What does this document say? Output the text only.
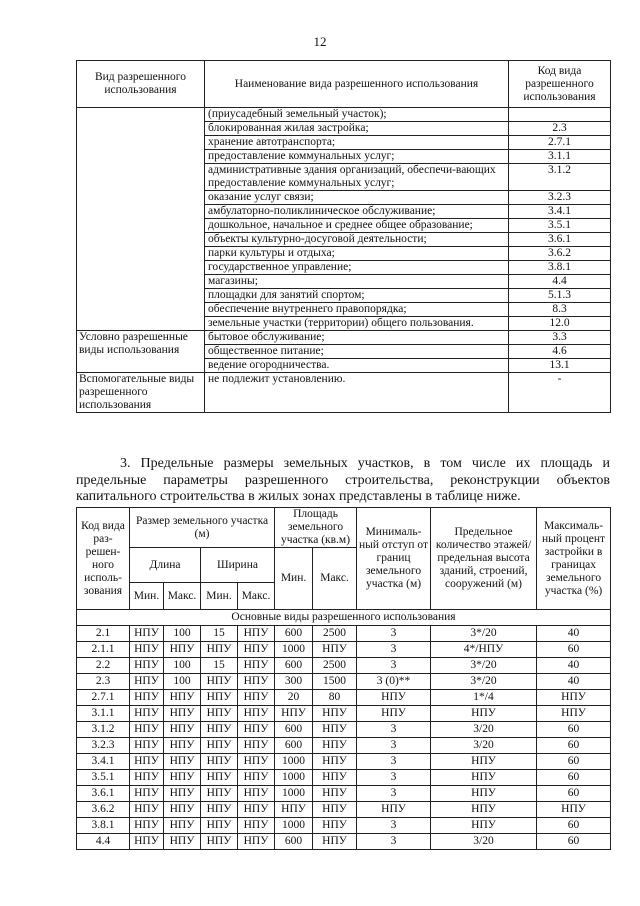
12
Вид разрешенного использования	Наименование вида разрешенного использования	Код вида разрешенного использования
	(приусадебный земельный участок);	
	блокированная жилая застройка;	2.3
	хранение автотранспорта;	2.7.1
	предоставление коммунальных услуг;	3.1.1
	административные здания организаций, обеспечи-вающих предоставление коммунальных услуг;	3.1.2
	оказание услуг связи;	3.2.3
	амбулаторно-поликлиническое обслуживание;	3.4.1
	дошкольное, начальное и среднее общее образование;	3.5.1
	объекты культурно-досуговой деятельности;	3.6.1
	парки культуры и отдыха;	3.6.2
	государственное управление;	3.8.1
	магазины;	4.4
	площадки для занятий спортом;	5.1.3
	обеспечение внутреннего правопорядка;	8.3
	земельные участки (территории) общего пользования.	12.0
Условно разрешенные виды использования	бытовое обслуживание;	3.3
	общественное питание;	4.6
	ведение огородничества.	13.1
Вспомогательные виды разрешенного использования	не подлежит установлению.	-

3. Предельные размеры земельных участков, в том числе их площадь и предельные параметры разрешенного строительства, реконструкции объектов капитального строительства в жилых зонах представлены в таблице ниже.

Код вида раз-решен-ного исполь-зования	Размер земельного участка (м)				Площадь земельного участка (кв.м)		Минималь-ный отступ от границ земельного участка (м)	Предельное количество этажей/ предельная высота зданий, строений, сооружений (м)	Максималь-ный процент застройки в границах земельного участка (%)
	Длина		Ширина		Мин.	Макс.			
	Мин.	Макс.	Мин.	Макс.					
Основные виды разрешенного использования									
2.1	НПУ	100	15	НПУ	600	2500	3	3*/20	40
2.1.1	НПУ	НПУ	НПУ	НПУ	1000	НПУ	3	4*/НПУ	60
2.2	НПУ	100	15	НПУ	600	2500	3	3*/20	40
2.3	НПУ	100	НПУ	НПУ	300	1500	3 (0)**	3*/20	40
2.7.1	НПУ	НПУ	НПУ	НПУ	20	80	НПУ	1*/4	НПУ
3.1.1	НПУ	НПУ	НПУ	НПУ	НПУ	НПУ	НПУ	НПУ	НПУ
3.1.2	НПУ	НПУ	НПУ	НПУ	600	НПУ	3	3/20	60
3.2.3	НПУ	НПУ	НПУ	НПУ	600	НПУ	3	3/20	60
3.4.1	НПУ	НПУ	НПУ	НПУ	1000	НПУ	3	НПУ	60
3.5.1	НПУ	НПУ	НПУ	НПУ	1000	НПУ	3	НПУ	60
3.6.1	НПУ	НПУ	НПУ	НПУ	1000	НПУ	3	НПУ	60
3.6.2	НПУ	НПУ	НПУ	НПУ	НПУ	НПУ	НПУ	НПУ	НПУ
3.8.1	НПУ	НПУ	НПУ	НПУ	1000	НПУ	3	НПУ	60
4.4	НПУ	НПУ	НПУ	НПУ	600	НПУ	3	3/20	60
